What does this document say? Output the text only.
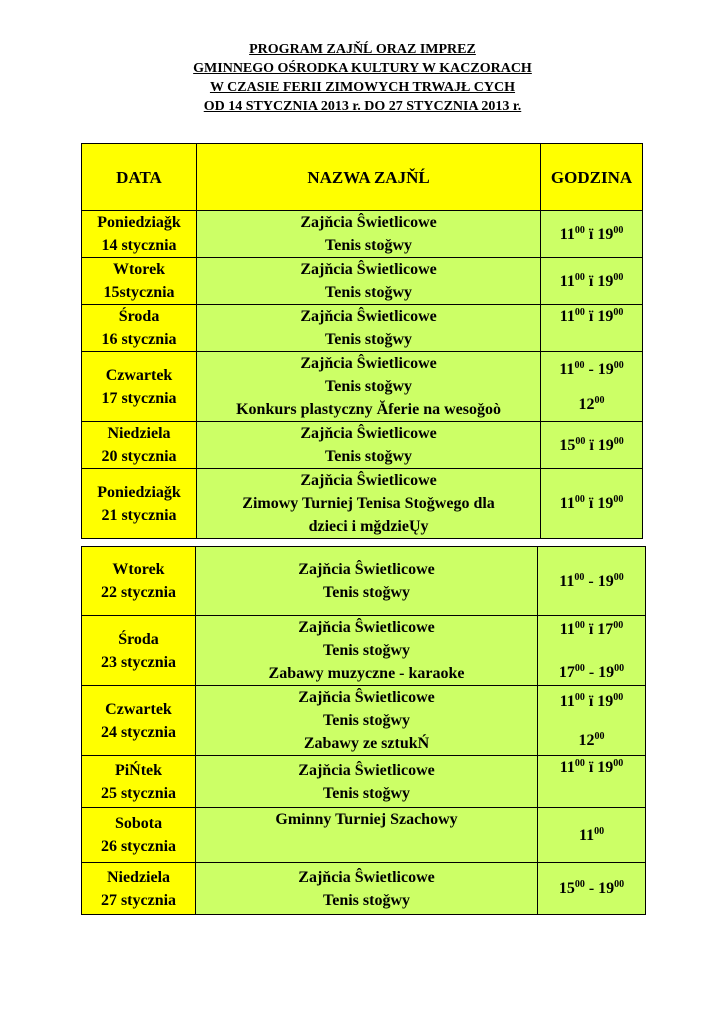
PROGRAM ZAJŇĹ ORAZ IMPREZ
GMINNEGO OŚRODKA KULTURY W KACZORACH
W CZASIE FERII ZIMOWYCH TRWAJŁ CYCH
OD 14 STYCZNIA 2013 r. DO 27 STYCZNIA 2013 r.
DATA	NAZWA ZAJŇĹ	GODZINA

Poniedziaǧk
14 stycznia	Zajňcia Ŝwietlicowe
Tenis stoǧwy	$11^{00}$ ї $19^{00}$

Wtorek
15stycznia	Zajňcia Ŝwietlicowe
Tenis stoǧwy	$11^{00}$ ї $19^{00}$

Środa
16 stycznia	Zajňcia Ŝwietlicowe
Tenis stoǧwy	$11^{00}$ ї $19^{00}$

Czwartek
17 stycznia	Zajňcia Ŝwietlicowe
Tenis stoǧwy
Konkurs plastyczny Ăferie na wesoǧoò	$11^{00} - 19^{00}$
$12^{00}$

Niedziela
20 stycznia	Zajňcia Ŝwietlicowe
Tenis stoǧwy	$15^{00}$ ї $19^{00}$

Poniedziaǧk
21 stycznia	Zajňcia Ŝwietlicowe
Zimowy Turniej Tenisa Stoǧwego dla
dzieci i mǧdzieŲy	$11^{00}$ ї $19^{00}$
Wtorek
22 stycznia	Zajňcia Ŝwietlicowe
Tenis stoǧwy	$11^{00} - 19^{00}$

Środa
23 stycznia	Zajňcia Ŝwietlicowe
Tenis stoǧwy
Zabawy muzyczne - karaoke	$11^{00}$ ї $17^{00}$
$17^{00} - 19^{00}$

Czwartek
24 stycznia	Zajňcia Ŝwietlicowe
Tenis stoǧwy
Zabawy ze sztukŃ	$11^{00}$ ї $19^{00}$
$12^{00}$

PiŃtek
25 stycznia	Zajňcia Ŝwietlicowe
Tenis stoǧwy	$11^{00}$ ї $19^{00}$

Sobota
26 stycznia	Gminny Turniej Szachowy	$11^{00}$

Niedziela
27 stycznia	Zajňcia Ŝwietlicowe
Tenis stoǧwy	$15^{00} - 19^{00}$
